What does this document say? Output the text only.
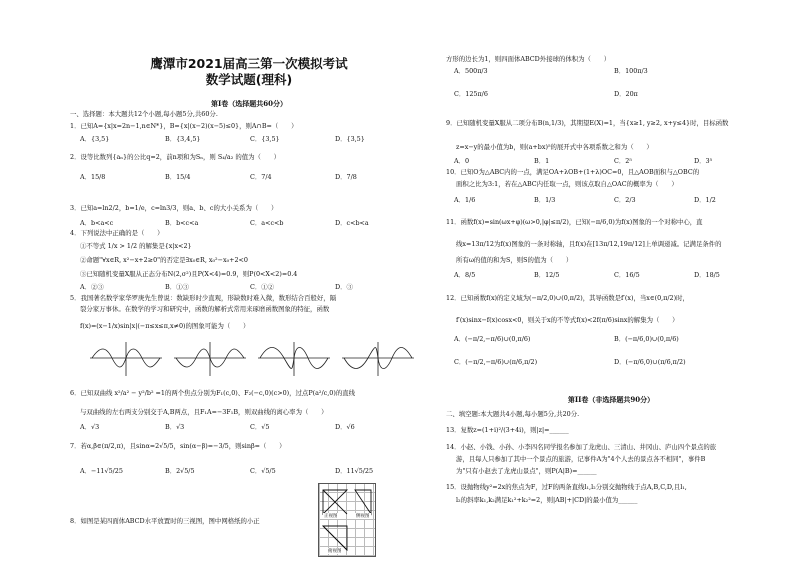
鹰潭市2021届高三第一次模拟考试
数学试题(理科)
第I卷（选择题共60分）
一、选择题：本大题共12个小题,每小题5分,共60分.
1．已知A={x|x=2n−1,n∈N*}，B={x|(x−2)(x−5)≤0}，则A∩B=（　　）
A．{3,5}	B．{3,4,5}	C．{3,5}	D．{3,5}
2．设等比数列{aₙ}的公比q=2，前n项和为Sₙ，则 S₄/a₂ 的值为（　　）
A．15/8	B．15/4	C．7/4	D．7/8
3．已知a=ln2/2，b=1/e，c=ln3/3，则a、b、c的大小关系为（　　）
A．b<a<c	B．b<c<a	C．a<c<b	D．c<b<a
4．下列说法中正确的是（　　）
①不等式 1/x > 1/2 的解集是{x|x<2}
②命题"∀x∈R, x²−x+2≥0"的否定是∃x₀∈R, x₀²−x₀+2<0
③已知随机变量X服从正态分布N(2,σ²)且P(X<4)=0.9，则P(0<X<2)=0.4
A．②③	B．①③	C．①②	D．③
5．我国著名数学家华罗庚先生曾说：数缺形时少直观，形缺数时难入微，数形结合百般好，隔
裂分家万事休。在数学的学习和研究中，函数的解析式常用来琢磨函数图象的特征，函数
f(x)=(x−1/x)sin|x|(−π≤x≤π,x≠0)的图象可能为（　　）
6．已知双曲线 x²/a² − y²/b² =1的两个焦点分别为F₁(c,0)、F₂(−c,0)(c>0)，过点P(a²/c,0)的直线
与双曲线的左右两支分别交于A,B两点，且F₁A=−3F₁B，则双曲线的离心率为（　　）
A．√3	B．√3	C．√5	D．√6
7．若α,β∈(π/2,π)，且sinα=2√5/5，sin(α−β)=−3/5，则sinβ=（　　）
A．−11√5/25	B．2√5/5	C．√5/5	D．11√5/25
8．如图是某四面体ABCD水平放置时的三视图，图中网格纸的小正
正视图	侧视图
俯视图
方形的边长为1，则四面体ABCD外接球的体积为（　　）
A．500π/3	B．100π/3
C．125π/6	D．20π
9．已知随机变量X服从二项分布B(n,1/3)，其期望E(X)=1，当{x≥1, y≥2, x+y≤4}时，目标函数
z=x−y的最小值为b，则(a+bx)⁵的展开式中各项系数之和为（　　）
A．0	B．1	C．2⁵	D．3⁵
10．已知O为△ABC内的一点，满足OA+λOB+(1+λ)OC=0，且△AOB面积与△OBC的
面积之比为3:1，若在△ABC内任取一点，则该点取自△OAC的概率为（　　）
A．1/6	B．1/3	C．2/3	D．1/2
11．函数f(x)=sin(ωx+φ)(ω>0,|φ|≤π/2)，已知(−π/6,0)为f(x)图象的一个对称中心，直
线x=13π/12为f(x)图象的一条对称轴，且f(x)在[13π/12,19π/12]上单调递减。记满足条件的
所有ω的值的和为S，则S的值为（　　）
A．8/5	B．12/5	C．16/5	D．18/5
12．已知函数f(x)的定义域为(−π/2,0)∪(0,π/2)，其导函数是f′(x)，当x∈(0,π/2)时，
f′(x)sinx−f(x)cosx<0，则关于x的不等式f(x)<2f(π/6)sinx的解集为（　　）
A．(−π/2,−π/6)∪(0,π/6)	B．(−π/6,0)∪(0,π/6)
C．(−π/2,−π/6)∪(π/6,π/2)	D．(−π/6,0)∪(π/6,π/2)
第II卷（非选择题共90分）
二、填空题:本大题共4小题,每小题5分,共20分.
13．复数z=(1+i)²/(3+4i)，则|z|=______
14．小赵、小钱、小孙、小李四名同学报名参加了龙虎山、三清山、井冈山、庐山四个景点的旅
游，且每人只参加了其中一个景点的旅游，记事件A为"4个人去的景点各不相同"，事件B
为"只有小赵去了龙虎山景点"，则P(A|B)=______
15．设抛物线y²=2x的焦点为F，过F的两条直线l₁,l₂分别交抛物线于点A,B,C,D,且l₁,
l₂的斜率k₁,k₂满足k₁²+k₂²=2，则|AB|+|CD|的最小值为______
